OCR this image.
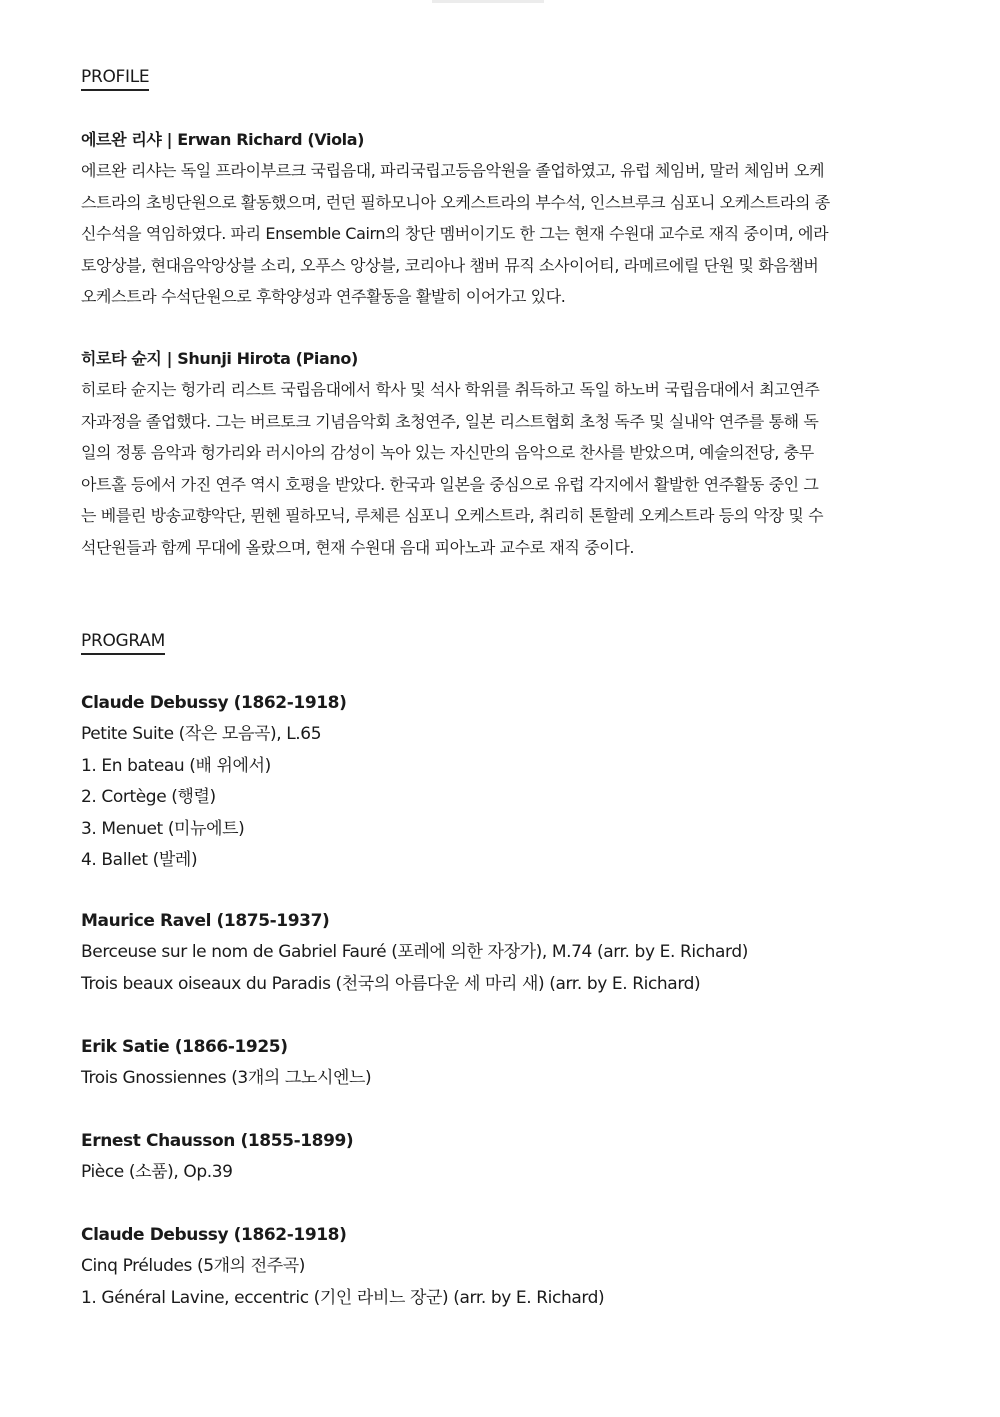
PROFILE
에르완 리샤 | Erwan Richard (Viola)
에르완 리샤는 독일 프라이부르크 국립음대, 파리국립고등음악원을 졸업하였고, 유럽 체임버, 말러 체임버 오케
스트라의 초빙단원으로 활동했으며, 런던 필하모니아 오케스트라의 부수석, 인스브루크 심포니 오케스트라의 종
신수석을 역임하였다. 파리 Ensemble Cairn의 창단 멤버이기도 한 그는 현재 수원대 교수로 재직 중이며, 에라
토앙상블, 현대음악앙상블 소리, 오푸스 앙상블, 코리아나 챔버 뮤직 소사이어티, 라메르에릴 단원 및 화음챔버
오케스트라 수석단원으로 후학양성과 연주활동을 활발히 이어가고 있다.
히로타 슌지 | Shunji Hirota (Piano)
히로타 슌지는 헝가리 리스트 국립음대에서 학사 및 석사 학위를 취득하고 독일 하노버 국립음대에서 최고연주
자과정을 졸업했다. 그는 버르토크 기념음악회 초청연주, 일본 리스트협회 초청 독주 및 실내악 연주를 통해 독
일의 정통 음악과 헝가리와 러시아의 감성이 녹아 있는 자신만의 음악으로 찬사를 받았으며, 예술의전당, 충무
아트홀 등에서 가진 연주 역시 호평을 받았다. 한국과 일본을 중심으로 유럽 각지에서 활발한 연주활동 중인 그
는 베를린 방송교향악단, 뮌헨 필하모닉, 루체른 심포니 오케스트라, 취리히 톤할레 오케스트라 등의 악장 및 수
석단원들과 함께 무대에 올랐으며, 현재 수원대 음대 피아노과 교수로 재직 중이다.
PROGRAM
Claude Debussy (1862-1918)
Petite Suite (작은 모음곡), L.65
1. En bateau (배 위에서)
2. Cortège (행렬)
3. Menuet (미뉴에트)
4. Ballet (발레)
Maurice Ravel (1875-1937)
Berceuse sur le nom de Gabriel Fauré (포레에 의한 자장가), M.74 (arr. by E. Richard)
Trois beaux oiseaux du Paradis (천국의 아름다운 세 마리 새) (arr. by E. Richard)
Erik Satie (1866-1925)
Trois Gnossiennes (3개의 그노시엔느)
Ernest Chausson (1855-1899)
Pièce (소품), Op.39
Claude Debussy (1862-1918)
Cinq Préludes (5개의 전주곡)
1. Général Lavine, eccentric (기인 라비느 장군) (arr. by E. Richard)
